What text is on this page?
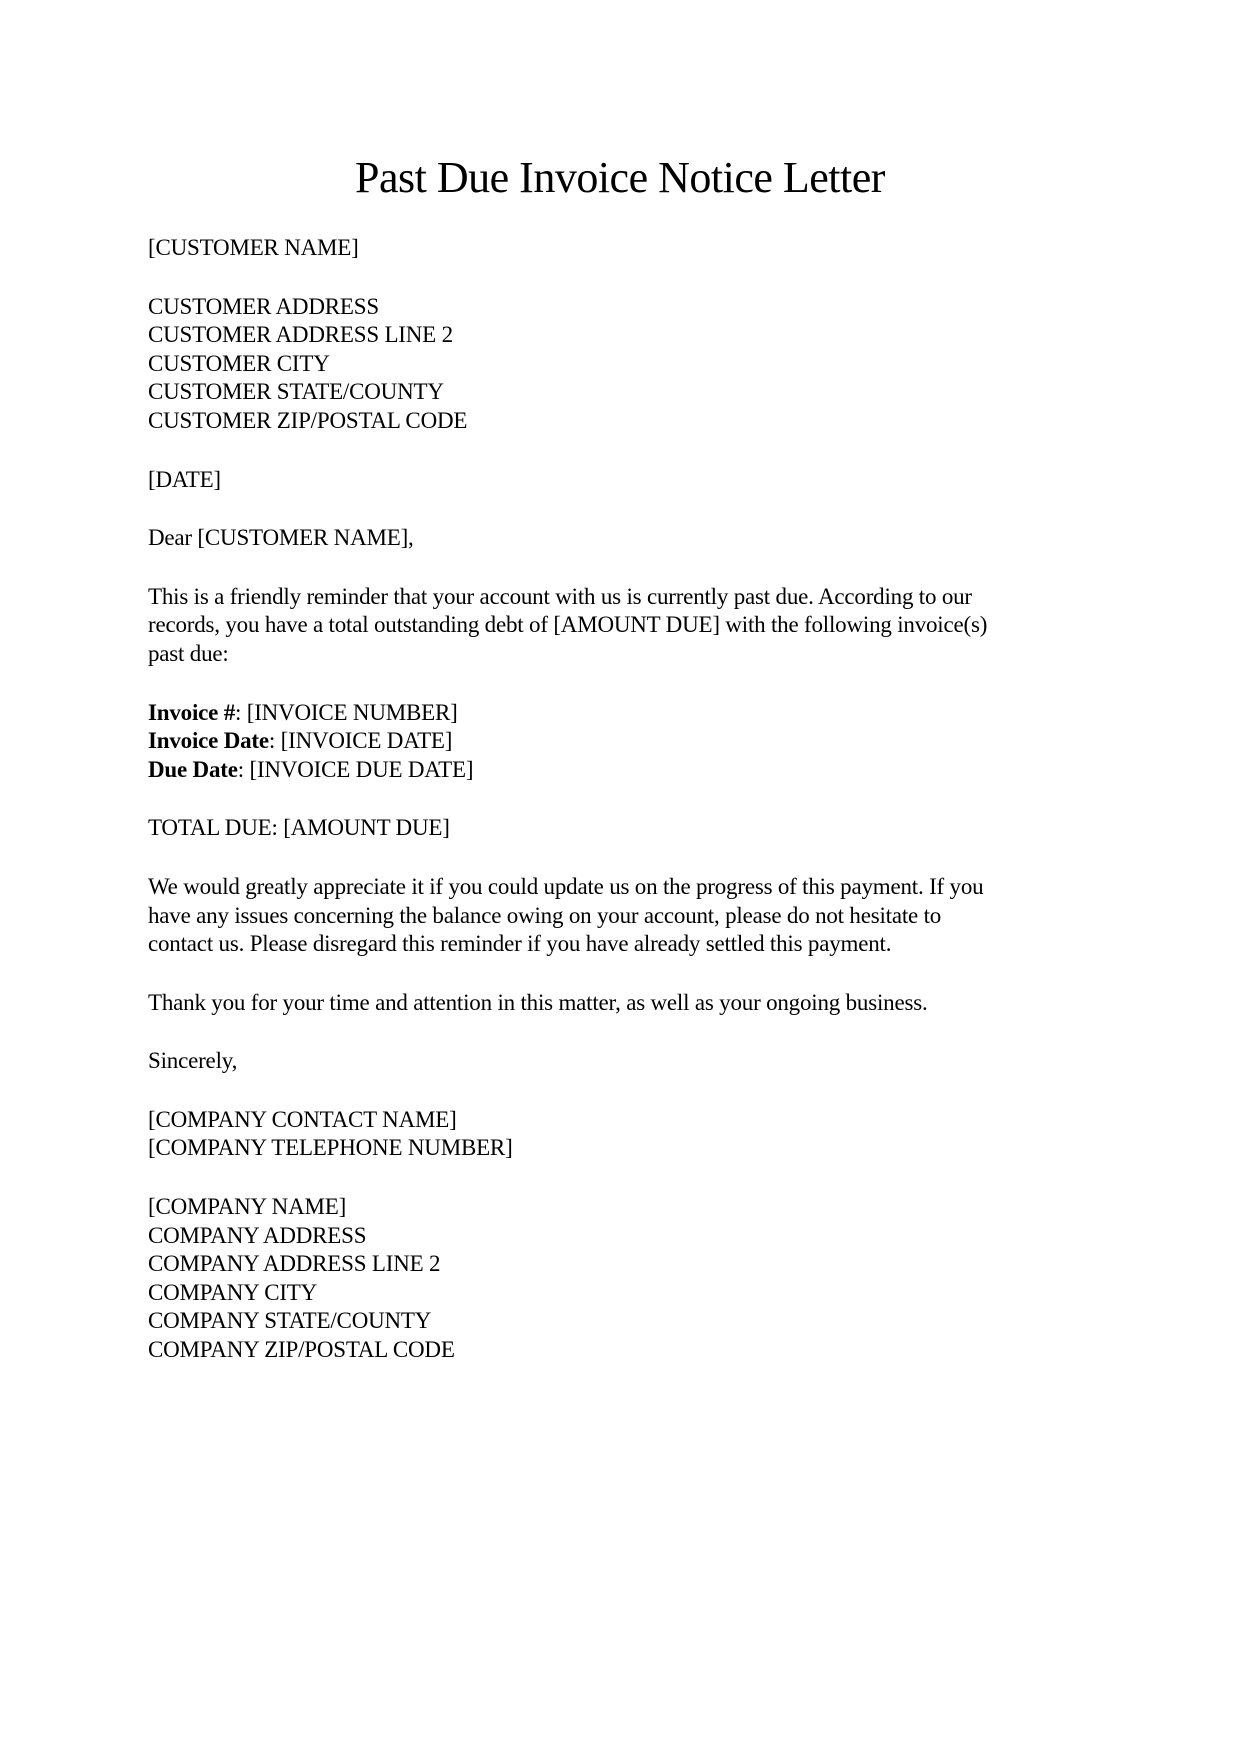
Past Due Invoice Notice Letter
[CUSTOMER NAME]
CUSTOMER ADDRESS
CUSTOMER ADDRESS LINE 2
CUSTOMER CITY
CUSTOMER STATE/COUNTY
CUSTOMER ZIP/POSTAL CODE
[DATE]
Dear [CUSTOMER NAME],
This is a friendly reminder that your account with us is currently past due. According to our
records, you have a total outstanding debt of [AMOUNT DUE] with the following invoice(s)
past due:
Invoice #: [INVOICE NUMBER]
Invoice Date: [INVOICE DATE]
Due Date: [INVOICE DUE DATE]
TOTAL DUE: [AMOUNT DUE]
We would greatly appreciate it if you could update us on the progress of this payment. If you
have any issues concerning the balance owing on your account, please do not hesitate to
contact us. Please disregard this reminder if you have already settled this payment.
Thank you for your time and attention in this matter, as well as your ongoing business.
Sincerely,
[COMPANY CONTACT NAME]
[COMPANY TELEPHONE NUMBER]
[COMPANY NAME]
COMPANY ADDRESS
COMPANY ADDRESS LINE 2
COMPANY CITY
COMPANY STATE/COUNTY
COMPANY ZIP/POSTAL CODE
